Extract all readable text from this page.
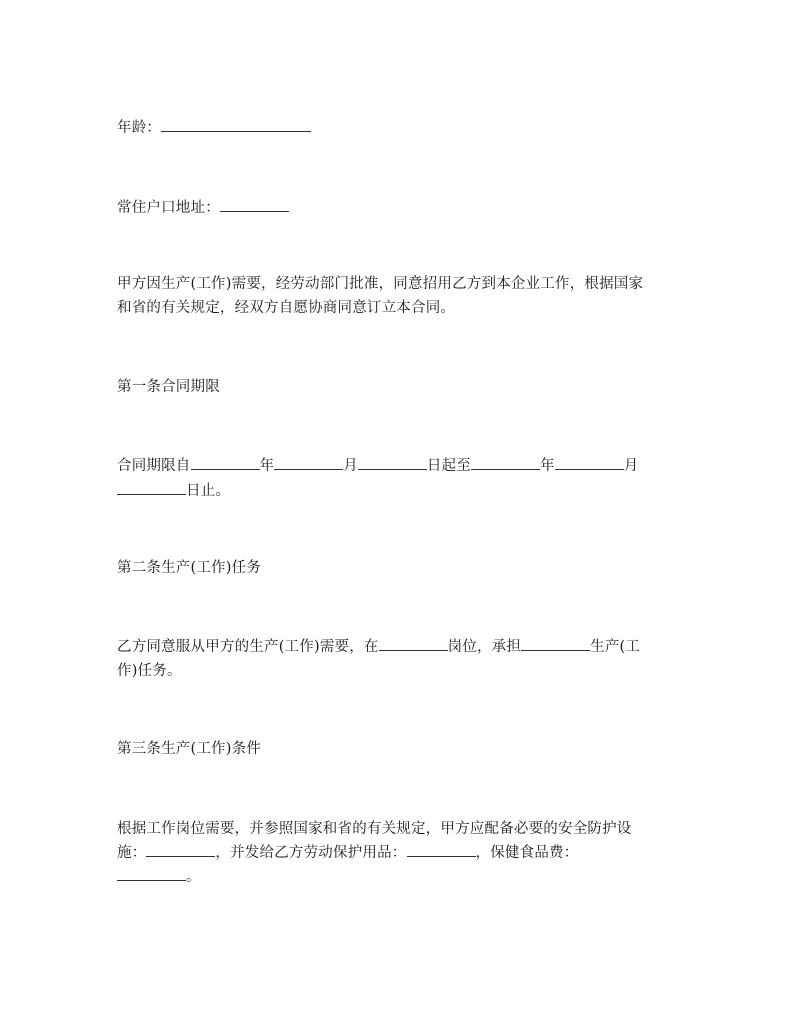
年龄：
常住户口地址：
甲方因生产(工作)需要，经劳动部门批准，同意招用乙方到本企业工作，根据国家
和省的有关规定，经双方自愿协商同意订立本合同。
第一条合同期限
合同期限自	年	月	日起至	年	月
日止。
第二条生产(工作)任务
乙方同意服从甲方的生产(工作)需要，在	岗位，承担	生产(工
作)任务。
第三条生产(工作)条件
根据工作岗位需要，并参照国家和省的有关规定，甲方应配备必要的安全防护设
施：	，并发给乙方劳动保护用品：	，保健食品费：
。
